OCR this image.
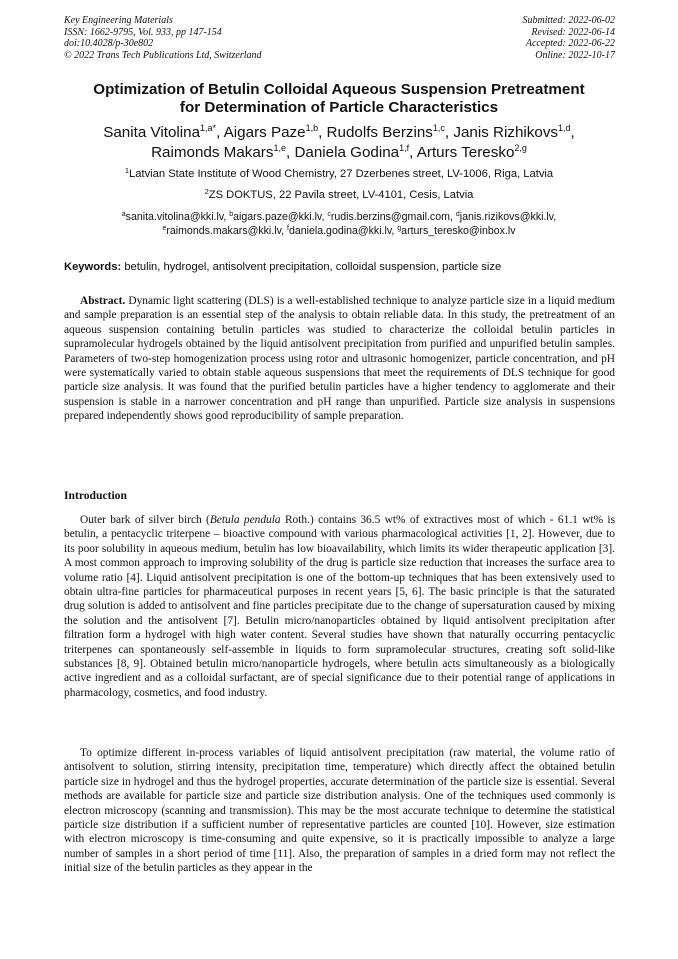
Key Engineering Materials
ISSN: 1662-9795, Vol. 933, pp 147-154
doi:10.4028/p-30e802
© 2022 Trans Tech Publications Ltd, Switzerland
Submitted: 2022-06-02
Revised: 2022-06-14
Accepted: 2022-06-22
Online: 2022-10-17
Optimization of Betulin Colloidal Aqueous Suspension Pretreatment
for Determination of Particle Characteristics
Sanita Vitolina$^{1,a*}$, Aigars Paze$^{1,b}$, Rudolfs Berzins$^{1,c}$, Janis Rizhikovs$^{1,d}$,
Raimonds Makars$^{1,e}$, Daniela Godina$^{1,f}$, Arturs Teresko$^{2,g}$
$^1$Latvian State Institute of Wood Chemistry, 27 Dzerbenes street, LV-1006, Riga, Latvia
$^2$ZS DOKTUS, 22 Pavila street, LV-4101, Cesis, Latvia
$^a$sanita.vitolina@kki.lv, $^b$aigars.paze@kki.lv, $^c$rudis.berzins@gmail.com, $^d$janis.rizikovs@kki.lv,
$^e$raimonds.makars@kki.lv, $^f$daniela.godina@kki.lv, $^g$arturs_teresko@inbox.lv
Keywords: betulin, hydrogel, antisolvent precipitation, colloidal suspension, particle size

Abstract. Dynamic light scattering (DLS) is a well-established technique to analyze particle size in a liquid medium and sample preparation is an essential step of the analysis to obtain reliable data. In this study, the pretreatment of an aqueous suspension containing betulin particles was studied to characterize the colloidal betulin particles in supramolecular hydrogels obtained by the liquid antisolvent precipitation from purified and unpurified betulin samples. Parameters of two-step homogenization process using rotor and ultrasonic homogenizer, particle concentration, and pH were systematically varied to obtain stable aqueous suspensions that meet the requirements of DLS technique for good particle size analysis. It was found that the purified betulin particles have a higher tendency to agglomerate and their suspension is stable in a narrower concentration and pH range than unpurified. Particle size analysis in suspensions prepared independently shows good reproducibility of sample preparation.

Introduction

Outer bark of silver birch (Betula pendula Roth.) contains 36.5 wt% of extractives most of which - 61.1 wt% is betulin, a pentacyclic triterpene – bioactive compound with various pharmacological activities [1, 2]. However, due to its poor solubility in aqueous medium, betulin has low bioavailability, which limits its wider therapeutic application [3]. A most common approach to improving solubility of the drug is particle size reduction that increases the surface area to volume ratio [4]. Liquid antisolvent precipitation is one of the bottom-up techniques that has been extensively used to obtain ultra-fine particles for pharmaceutical purposes in recent years [5, 6]. The basic principle is that the saturated drug solution is added to antisolvent and fine particles precipitate due to the change of supersaturation caused by mixing the solution and the antisolvent [7]. Betulin micro/nanoparticles obtained by liquid antisolvent precipitation after filtration form a hydrogel with high water content. Several studies have shown that naturally occurring pentacyclic triterpenes can spontaneously self-assemble in liquids to form supramolecular structures, creating soft solid-like substances [8, 9]. Obtained betulin micro/nanoparticle hydrogels, where betulin acts simultaneously as a biologically active ingredient and as a colloidal surfactant, are of special significance due to their potential range of applications in pharmacology, cosmetics, and food industry.

To optimize different in-process variables of liquid antisolvent precipitation (raw material, the volume ratio of antisolvent to solution, stirring intensity, precipitation time, temperature) which directly affect the obtained betulin particle size in hydrogel and thus the hydrogel properties, accurate determination of the particle size is essential. Several methods are available for particle size and particle size distribution analysis. One of the techniques used commonly is electron microscopy (scanning and transmission). This may be the most accurate technique to determine the statistical particle size distribution if a sufficient number of representative particles are counted [10]. However, size estimation with electron microscopy is time-consuming and quite expensive, so it is practically impossible to analyze a large number of samples in a short period of time [11]. Also, the preparation of samples in a dried form may not reflect the initial size of the betulin particles as they appear in the
